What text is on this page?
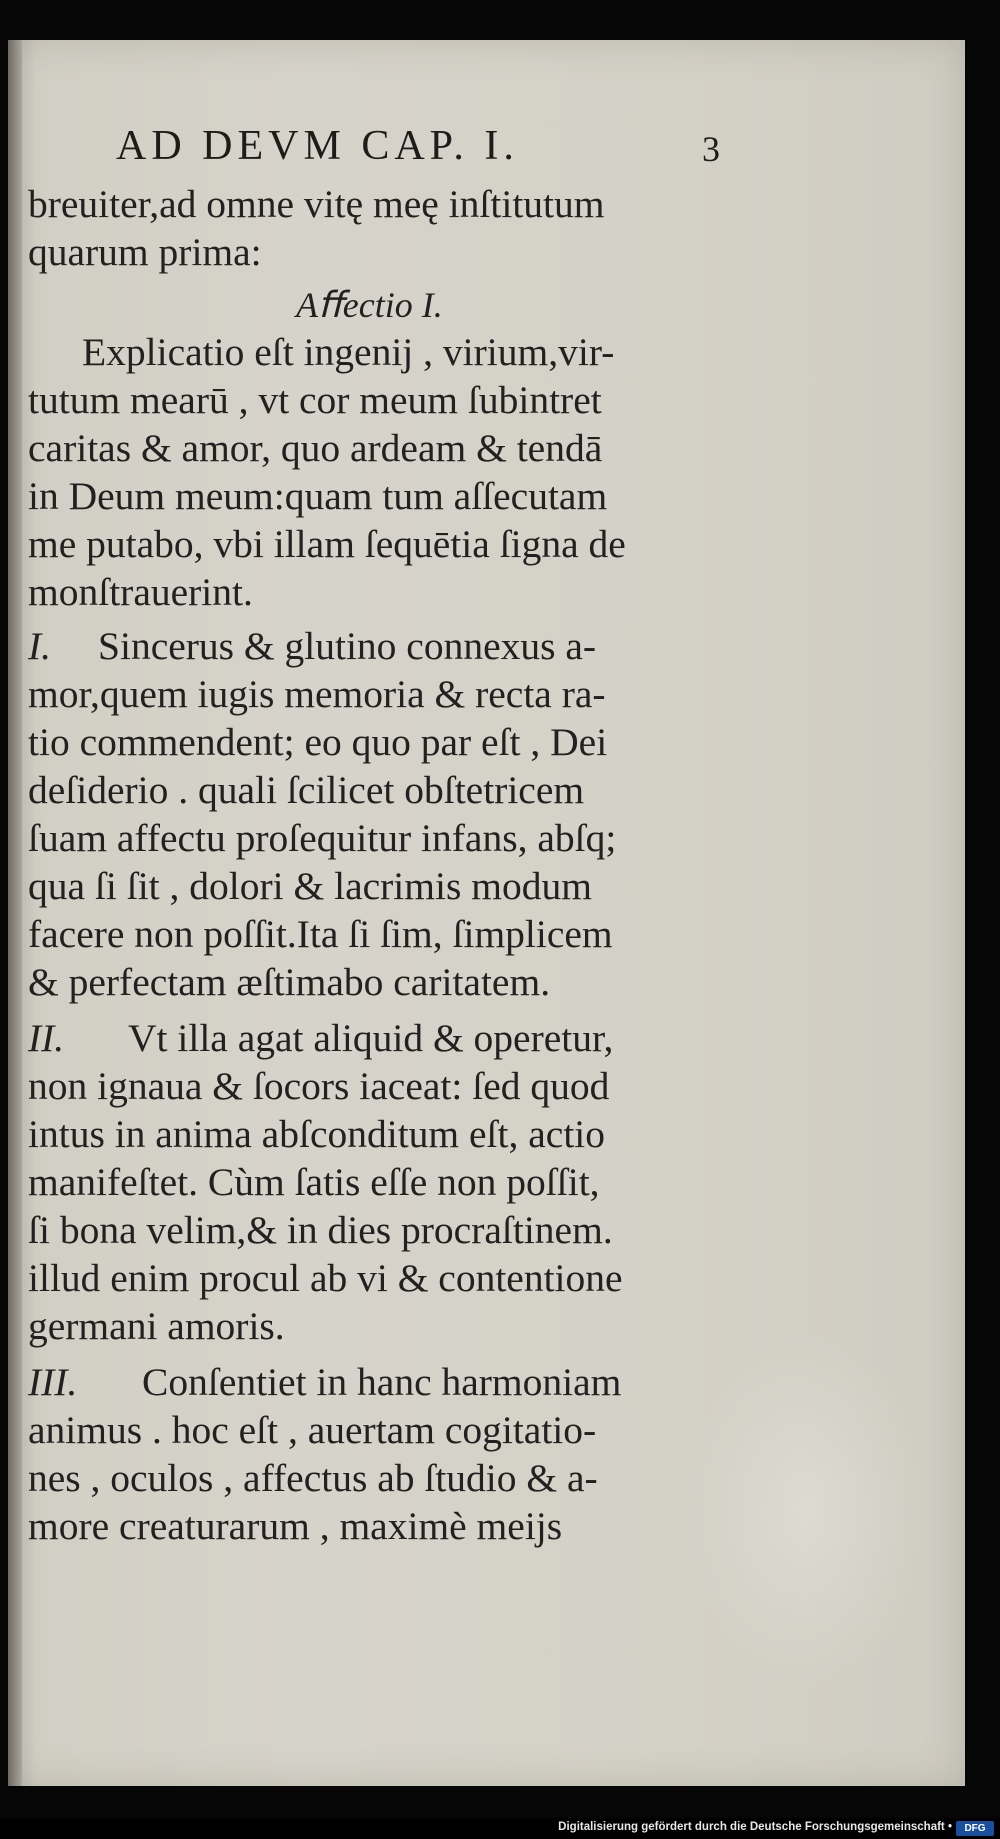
AD DEVM CAP. I.	3
breuiter,ad omne vitę meę inſtitutum
quarum prima:
Aﬀectio I.
Explicatio eſt ingenij , virium,vir-
tutum mearū , vt cor meum ſubintret
caritas & amor, quo ardeam & tendā
in Deum meum:quam tum aſſecutam
me putabo, vbi illam ſequētia ſigna de
monſtrauerint.
I. Sincerus & glutino connexus a-
mor,quem iugis memoria & recta ra-
tio commendent; eo quo par eſt , Dei
deſiderio . quali ſcilicet obſtetricem
ſuam affectu proſequitur infans, abſq;
qua ſi ſit , dolori & lacrimis modum
facere non poſſit.Ita ſi ſim, ſimplicem
& perfectam æſtimabo caritatem.
II. Vt illa agat aliquid & operetur,
non ignaua & ſocors iaceat: ſed quod
intus in anima abſconditum eſt, actio
manifeſtet. Cùm ſatis eſſe non poſſit,
ſi bona velim,& in dies procraſtinem.
illud enim procul ab vi & contentione
germani amoris.
III. Conſentiet in hanc harmoniam
animus . hoc eſt , auertam cogitatio-
nes , oculos , affectus ab ſtudio & a-
more creaturarum , maximè meijs
Digitalisierung gefördert durch die Deutsche Forschungsgemeinschaft •	DFG
